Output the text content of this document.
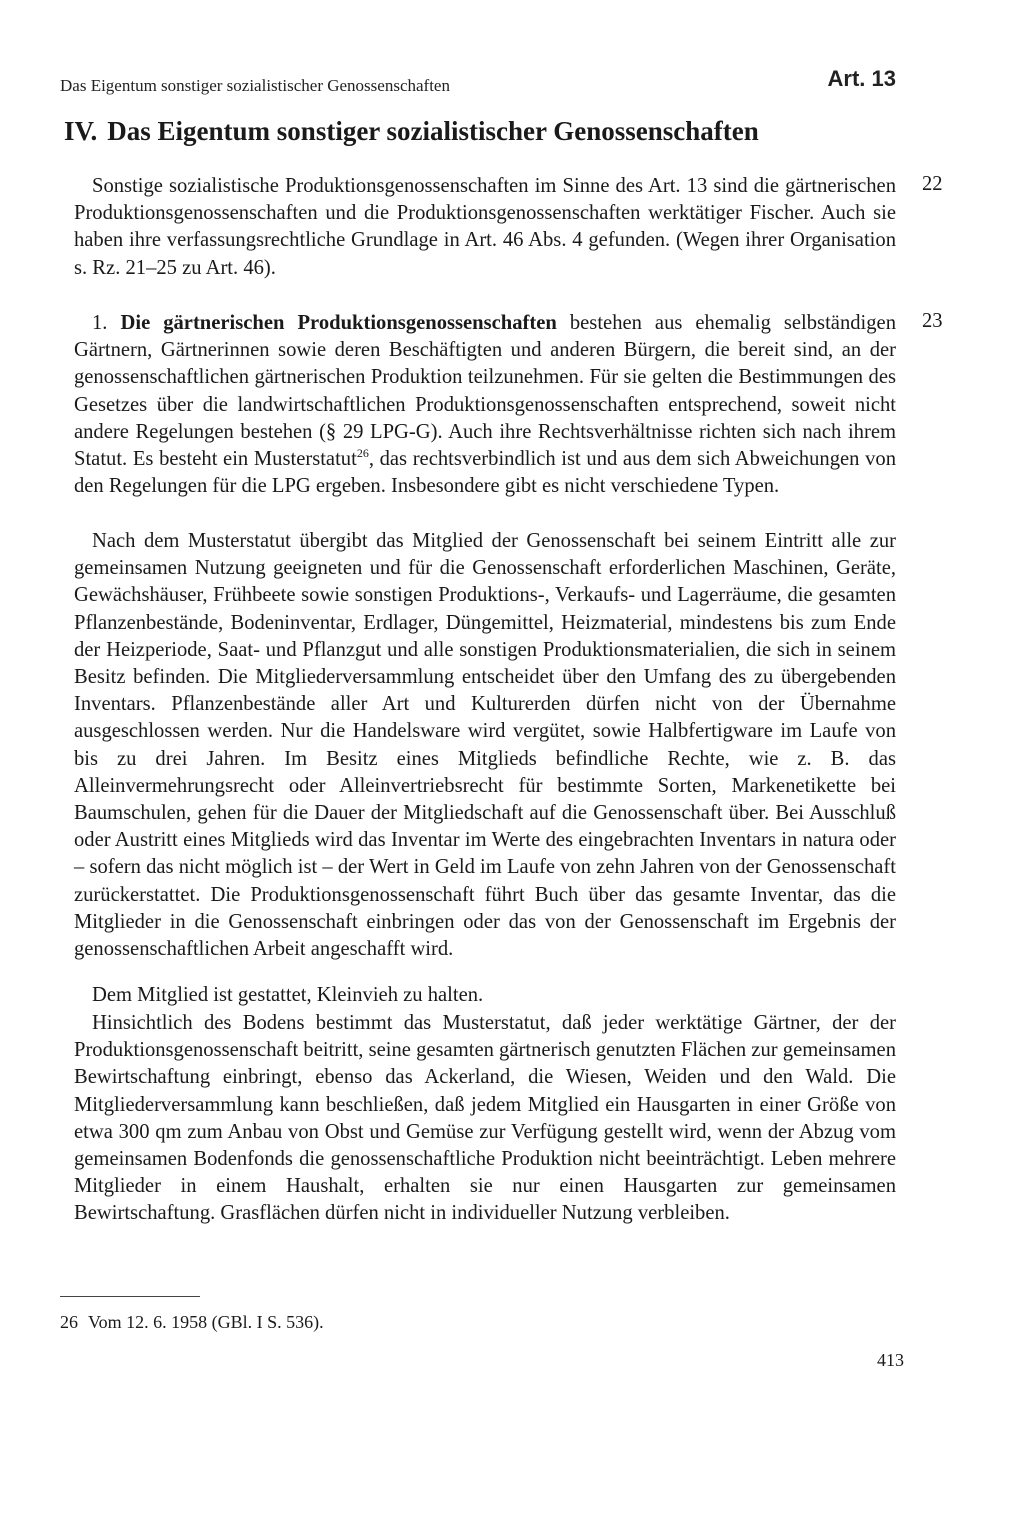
Das Eigentum sonstiger sozialistischer Genossenschaften	Art. 13
IV. Das Eigentum sonstiger sozialistischer Genossenschaften
22
Sonstige sozialistische Produktionsgenossenschaften im Sinne des Art. 13 sind die gärtnerischen Produktionsgenossenschaften und die Produktionsgenossenschaften werktätiger Fischer. Auch sie haben ihre verfassungsrechtliche Grundlage in Art. 46 Abs. 4 gefunden. (Wegen ihrer Organisation s. Rz. 21–25 zu Art. 46).
23
1. Die gärtnerischen Produktionsgenossenschaften bestehen aus ehemalig selbständigen Gärtnern, Gärtnerinnen sowie deren Beschäftigten und anderen Bürgern, die bereit sind, an der genossenschaftlichen gärtnerischen Produktion teilzunehmen. Für sie gelten die Bestimmungen des Gesetzes über die landwirtschaftlichen Produktionsgenossenschaften entsprechend, soweit nicht andere Regelungen bestehen (§ 29 LPG-G). Auch ihre Rechtsverhältnisse richten sich nach ihrem Statut. Es besteht ein Musterstatut$^{26}$, das rechtsverbindlich ist und aus dem sich Abweichungen von den Regelungen für die LPG ergeben. Insbesondere gibt es nicht verschiedene Typen.
Nach dem Musterstatut übergibt das Mitglied der Genossenschaft bei seinem Eintritt alle zur gemeinsamen Nutzung geeigneten und für die Genossenschaft erforderlichen Maschinen, Geräte, Gewächshäuser, Frühbeete sowie sonstigen Produktions-, Verkaufs- und Lagerräume, die gesamten Pflanzenbestände, Bodeninventar, Erdlager, Düngemittel, Heizmaterial, mindestens bis zum Ende der Heizperiode, Saat- und Pflanzgut und alle sonstigen Produktionsmaterialien, die sich in seinem Besitz befinden. Die Mitgliederversammlung entscheidet über den Umfang des zu übergebenden Inventars. Pflanzenbestände aller Art und Kulturerden dürfen nicht von der Übernahme ausgeschlossen werden. Nur die Handelsware wird vergütet, sowie Halbfertigware im Laufe von bis zu drei Jahren. Im Besitz eines Mitglieds befindliche Rechte, wie z. B. das Alleinvermehrungsrecht oder Alleinvertriebsrecht für bestimmte Sorten, Markenetikette bei Baumschulen, gehen für die Dauer der Mitgliedschaft auf die Genossenschaft über. Bei Ausschluß oder Austritt eines Mitglieds wird das Inventar im Werte des eingebrachten Inventars in natura oder – sofern das nicht möglich ist – der Wert in Geld im Laufe von zehn Jahren von der Genossenschaft zurückerstattet. Die Produktionsgenossenschaft führt Buch über das gesamte Inventar, das die Mitglieder in die Genossenschaft einbringen oder das von der Genossenschaft im Ergebnis der genossenschaftlichen Arbeit angeschafft wird.
Dem Mitglied ist gestattet, Kleinvieh zu halten.
Hinsichtlich des Bodens bestimmt das Musterstatut, daß jeder werktätige Gärtner, der der Produktionsgenossenschaft beitritt, seine gesamten gärtnerisch genutzten Flächen zur gemeinsamen Bewirtschaftung einbringt, ebenso das Ackerland, die Wiesen, Weiden und den Wald. Die Mitgliederversammlung kann beschließen, daß jedem Mitglied ein Hausgarten in einer Größe von etwa 300 qm zum Anbau von Obst und Gemüse zur Verfügung gestellt wird, wenn der Abzug vom gemeinsamen Bodenfonds die genossenschaftliche Produktion nicht beeinträchtigt. Leben mehrere Mitglieder in einem Haushalt, erhalten sie nur einen Hausgarten zur gemeinsamen Bewirtschaftung. Grasflächen dürfen nicht in individueller Nutzung verbleiben.
26 Vom 12. 6. 1958 (GBl. I S. 536).
413
